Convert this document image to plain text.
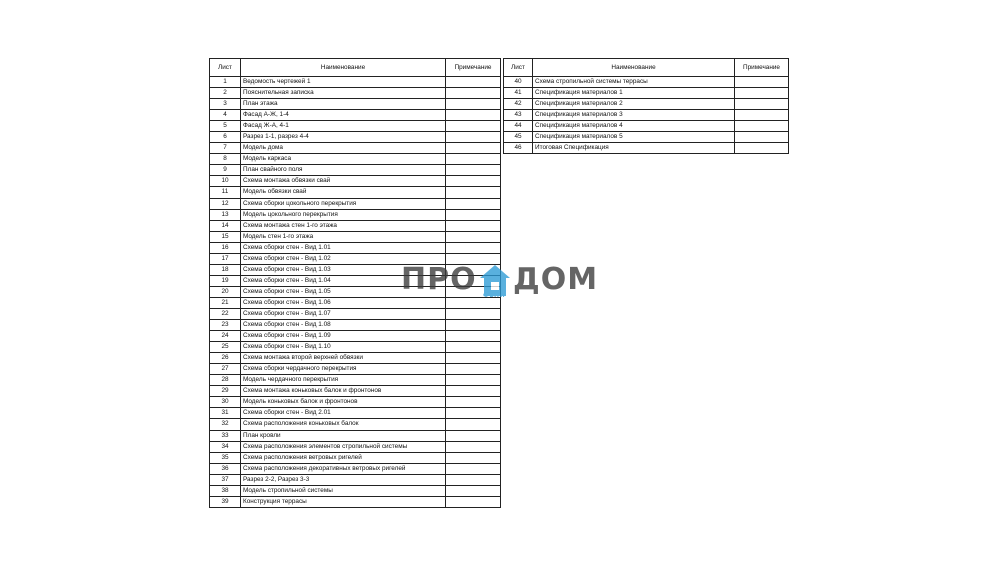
Лист	Наименование	Примечание
1	Ведомость чертежей 1	
2	Пояснительная записка	
3	План этажа	
4	Фасад А-Ж, 1-4	
5	Фасад Ж-А, 4-1	
6	Разрез 1-1, разрез 4-4	
7	Модель дома	
8	Модель каркаса	
9	План свайного поля	
10	Схема монтажа обвязки свай	
11	Модель обвязки свай	
12	Схема сборки цокольного перекрытия	
13	Модель цокольного перекрытия	
14	Схема монтажа стен 1-го этажа	
15	Модель стен 1-го этажа	
16	Схема сборки стен - Вид 1.01	
17	Схема сборки стен - Вид 1.02	
18	Схема сборки стен - Вид 1.03	
19	Схема сборки стен - Вид 1.04	
20	Схема сборки стен - Вид 1.05	
21	Схема сборки стен - Вид 1.06	
22	Схема сборки стен - Вид 1.07	
23	Схема сборки стен - Вид 1.08	
24	Схема сборки стен - Вид 1.09	
25	Схема сборки стен - Вид 1.10	
26	Схема монтажа второй верхней обвязки	
27	Схема сборки чердачного перекрытия	
28	Модель чердачного перекрытия	
29	Схема монтажа коньковых балок и фронтонов	
30	Модель коньковых балок и фронтонов	
31	Схема сборки стен - Вид 2.01	
32	Схема расположения коньковых балок	
33	План кровли	
34	Схема расположения элементов стропильной системы	
35	Схема расположения ветровых ригелей	
36	Схема расположения декоративных ветровых ригелей	
37	Разрез 2-2, Разрез 3-3	
38	Модель стропильной системы	
39	Конструкция террасы	
Лист	Наименование	Примечание
40	Схема стропильной системы террасы	
41	Спецификация материалов 1	
42	Спецификация материалов 2	
43	Спецификация материалов 3	
44	Спецификация материалов 4	
45	Спецификация материалов 5	
46	Итоговая Спецификация	
ПРО ФЕНИ ДОМ
